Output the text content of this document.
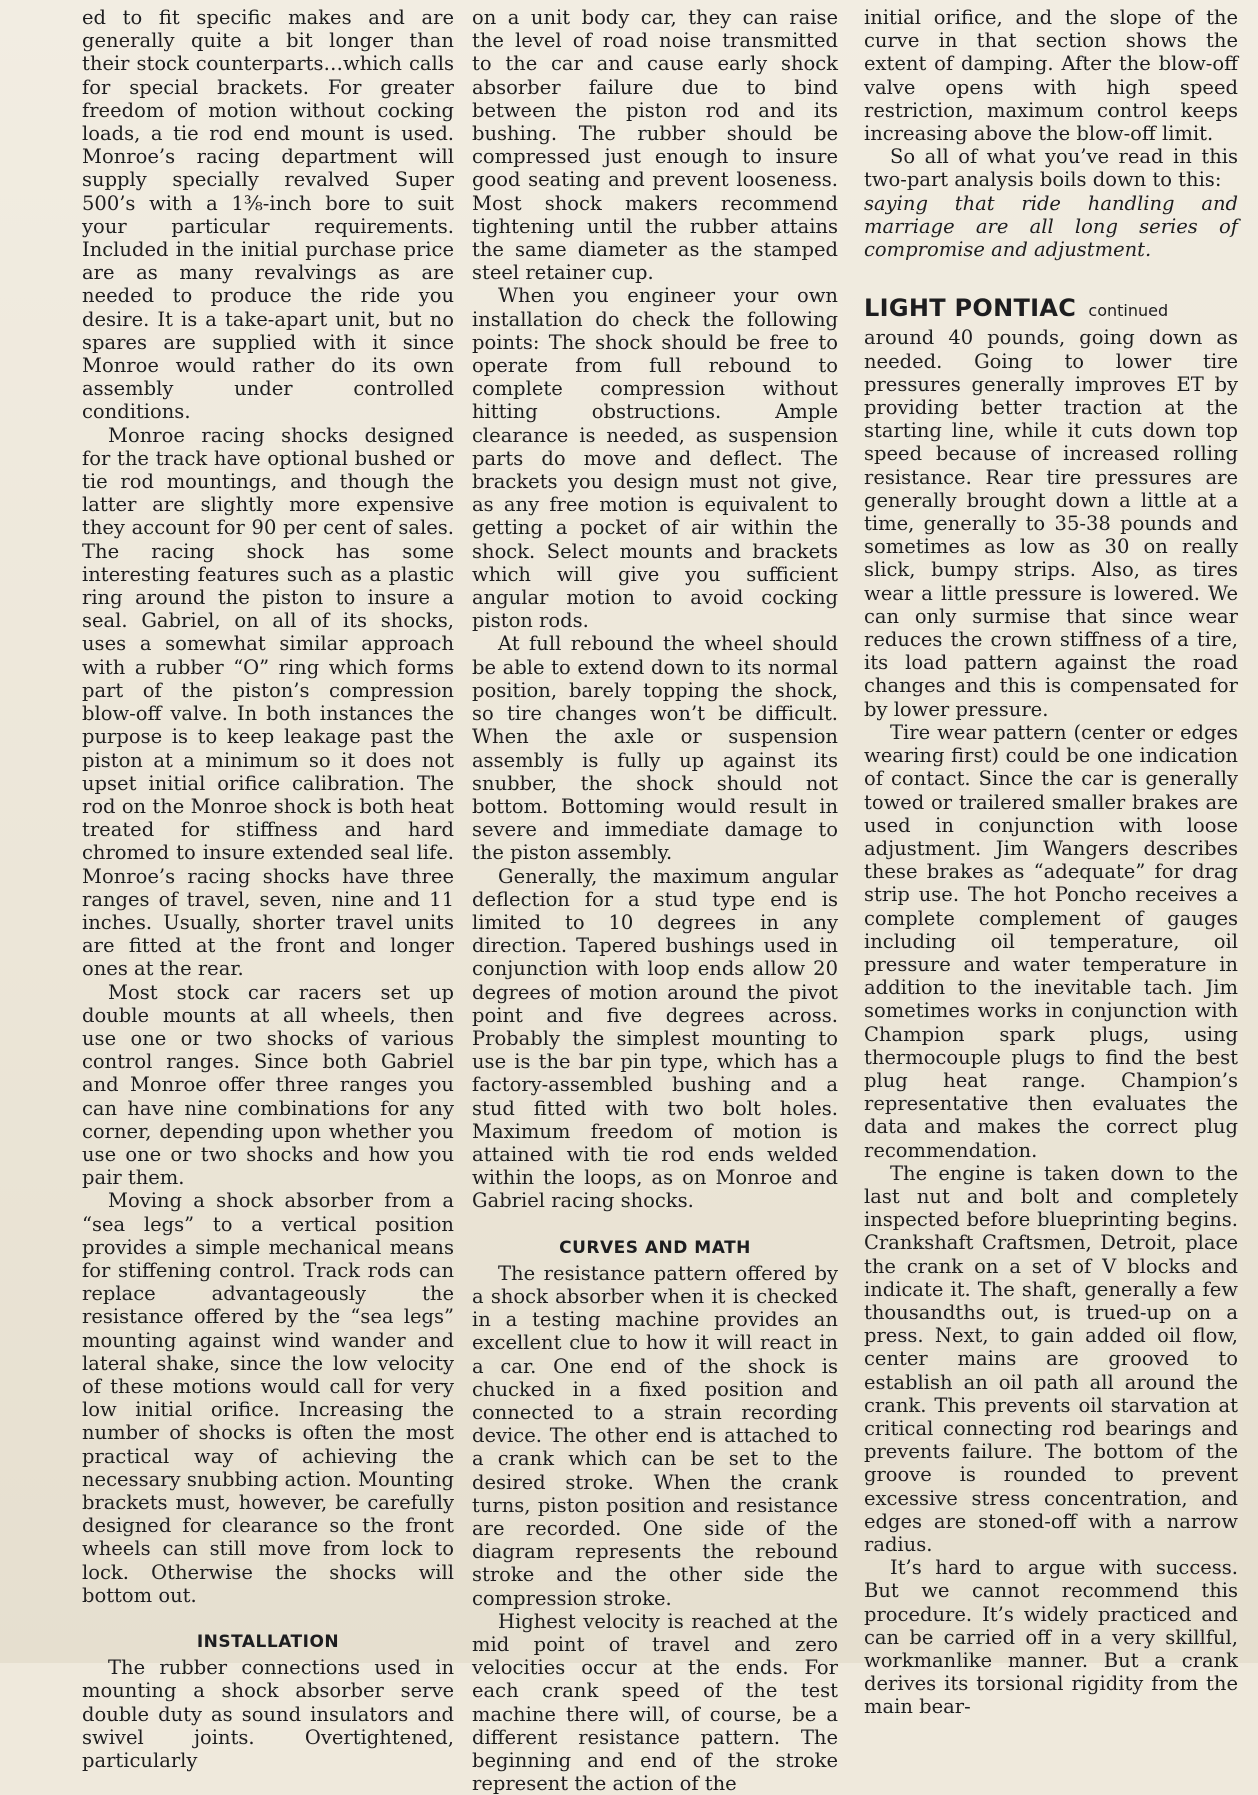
ed to fit specific makes and are generally quite a bit longer than their stock counterparts…which calls for special brackets. For greater freedom of motion without cocking loads, a tie rod end mount is used. Monroe’s racing department will supply specially revalved Super 500’s with a 1⅜-inch bore to suit your particular requirements. Included in the initial purchase price are as many revalvings as are needed to produce the ride you desire. It is a take-apart unit, but no spares are supplied with it since Monroe would rather do its own assembly under controlled conditions.

Monroe racing shocks designed for the track have optional bushed or tie rod mountings, and though the latter are slightly more expensive they account for 90 per cent of sales. The racing shock has some interesting features such as a plastic ring around the piston to insure a seal. Gabriel, on all of its shocks, uses a somewhat similar approach with a rubber “O” ring which forms part of the piston’s compression blow-off valve. In both instances the purpose is to keep leakage past the piston at a minimum so it does not upset initial orifice calibration. The rod on the Monroe shock is both heat treated for stiffness and hard chromed to insure extended seal life. Monroe’s racing shocks have three ranges of travel, seven, nine and 11 inches. Usually, shorter travel units are fitted at the front and longer ones at the rear.

Most stock car racers set up double mounts at all wheels, then use one or two shocks of various control ranges. Since both Gabriel and Monroe offer three ranges you can have nine combinations for any corner, depending upon whether you use one or two shocks and how you pair them.

Moving a shock absorber from a “sea legs” to a vertical position provides a simple mechanical means for stiffening control. Track rods can replace advantageously the resistance offered by the “sea legs” mounting against wind wander and lateral shake, since the low velocity of these motions would call for very low initial orifice. Increasing the number of shocks is often the most practical way of achieving the necessary snubbing action. Mounting brackets must, however, be carefully designed for clearance so the front wheels can still move from lock to lock. Otherwise the shocks will bottom out.

INSTALLATION

The rubber connections used in mounting a shock absorber serve double duty as sound insulators and swivel joints. Overtightened, particularly

on a unit body car, they can raise the level of road noise transmitted to the car and cause early shock absorber failure due to bind between the piston rod and its bushing. The rubber should be compressed just enough to insure good seating and prevent looseness. Most shock makers recommend tightening until the rubber attains the same diameter as the stamped steel retainer cup.

When you engineer your own installation do check the following points: The shock should be free to operate from full rebound to complete compression without hitting obstructions. Ample clearance is needed, as suspension parts do move and deflect. The brackets you design must not give, as any free motion is equivalent to getting a pocket of air within the shock. Select mounts and brackets which will give you sufficient angular motion to avoid cocking piston rods.

At full rebound the wheel should be able to extend down to its normal position, barely topping the shock, so tire changes won’t be difficult. When the axle or suspension assembly is fully up against its snubber, the shock should not bottom. Bottoming would result in severe and immediate damage to the piston assembly.

Generally, the maximum angular deflection for a stud type end is limited to 10 degrees in any direction. Tapered bushings used in conjunction with loop ends allow 20 degrees of motion around the pivot point and five degrees across. Probably the simplest mounting to use is the bar pin type, which has a factory-assembled bushing and a stud fitted with two bolt holes. Maximum freedom of motion is attained with tie rod ends welded within the loops, as on Monroe and Gabriel racing shocks.

CURVES AND MATH

The resistance pattern offered by a shock absorber when it is checked in a testing machine provides an excellent clue to how it will react in a car. One end of the shock is chucked in a fixed position and connected to a strain recording device. The other end is attached to a crank which can be set to the desired stroke. When the crank turns, piston position and resistance are recorded. One side of the diagram represents the rebound stroke and the other side the compression stroke.

Highest velocity is reached at the mid point of travel and zero velocities occur at the ends. For each crank speed of the test machine there will, of course, be a different resistance pattern. The beginning and end of the stroke represent the action of the

initial orifice, and the slope of the curve in that section shows the extent of damping. After the blow-off valve opens with high speed restriction, maximum control keeps increasing above the blow-off limit.

So all of what you’ve read in this two-part analysis boils down to this:

saying that ride handling and marriage are all long series of compromise and adjustment.

LIGHT PONTIAC continued

around 40 pounds, going down as needed. Going to lower tire pressures generally improves ET by providing better traction at the starting line, while it cuts down top speed because of increased rolling resistance. Rear tire pressures are generally brought down a little at a time, generally to 35-38 pounds and sometimes as low as 30 on really slick, bumpy strips. Also, as tires wear a little pressure is lowered. We can only surmise that since wear reduces the crown stiffness of a tire, its load pattern against the road changes and this is compensated for by lower pressure.

Tire wear pattern (center or edges wearing first) could be one indication of contact. Since the car is generally towed or trailered smaller brakes are used in conjunction with loose adjustment. Jim Wangers describes these brakes as “adequate” for drag strip use. The hot Poncho receives a complete complement of gauges including oil temperature, oil pressure and water temperature in addition to the inevitable tach. Jim sometimes works in conjunction with Champion spark plugs, using thermocouple plugs to find the best plug heat range. Champion’s representative then evaluates the data and makes the correct plug recommendation.

The engine is taken down to the last nut and bolt and completely inspected before blueprinting begins. Crankshaft Craftsmen, Detroit, place the crank on a set of V blocks and indicate it. The shaft, generally a few thousandths out, is trued-up on a press. Next, to gain added oil flow, center mains are grooved to establish an oil path all around the crank. This prevents oil starvation at critical connecting rod bearings and prevents failure. The bottom of the groove is rounded to prevent excessive stress concentration, and edges are stoned-off with a narrow radius.

It’s hard to argue with success. But we cannot recommend this procedure. It’s widely practiced and can be carried off in a very skillful, workmanlike manner. But a crank derives its torsional rigidity from the main bear-
